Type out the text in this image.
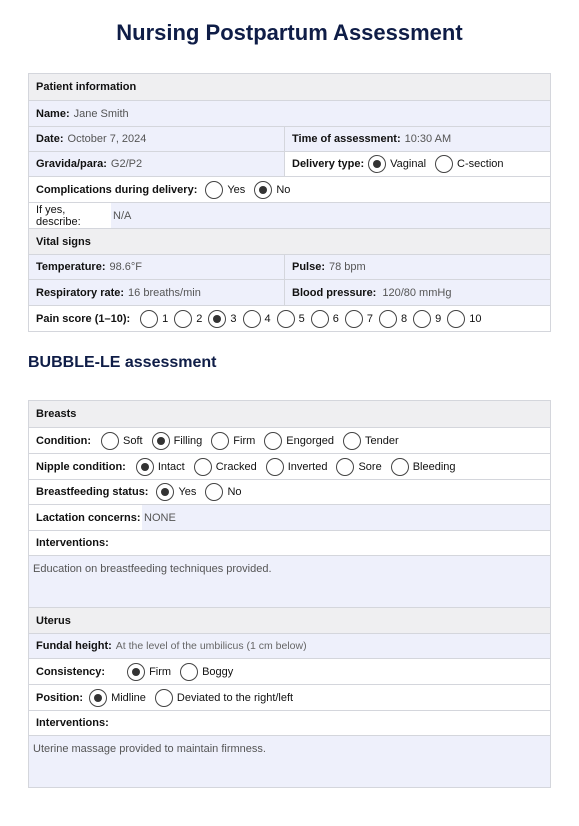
Nursing Postpartum Assessment
Patient information
Name: Jane Smith
Date: October 7, 2024	Time of assessment: 10:30 AM
Gravida/para: G2/P2	Delivery type: Vaginal	C-section
Complications during delivery:	Yes	No
If yes, describe:	N/A
Vital signs
Temperature: 98.6°F	Pulse: 78 bpm
Respiratory rate: 16 breaths/min	Blood pressure: 120/80 mmHg
Pain score (1–10):	1	2	3	4	5	6	7	8	9	10
BUBBLE-LE assessment
Breasts
Condition:	Soft	Filling	Firm	Engorged	Tender
Nipple condition:	Intact	Cracked	Inverted	Sore	Bleeding
Breastfeeding status:	Yes	No
Lactation concerns: NONE
Interventions:
Education on breastfeeding techniques provided.
Uterus
Fundal height: At the level of the umbilicus (1 cm below)
Consistency:	Firm	Boggy
Position:	Midline	Deviated to the right/left
Interventions:
Uterine massage provided to maintain firmness.
